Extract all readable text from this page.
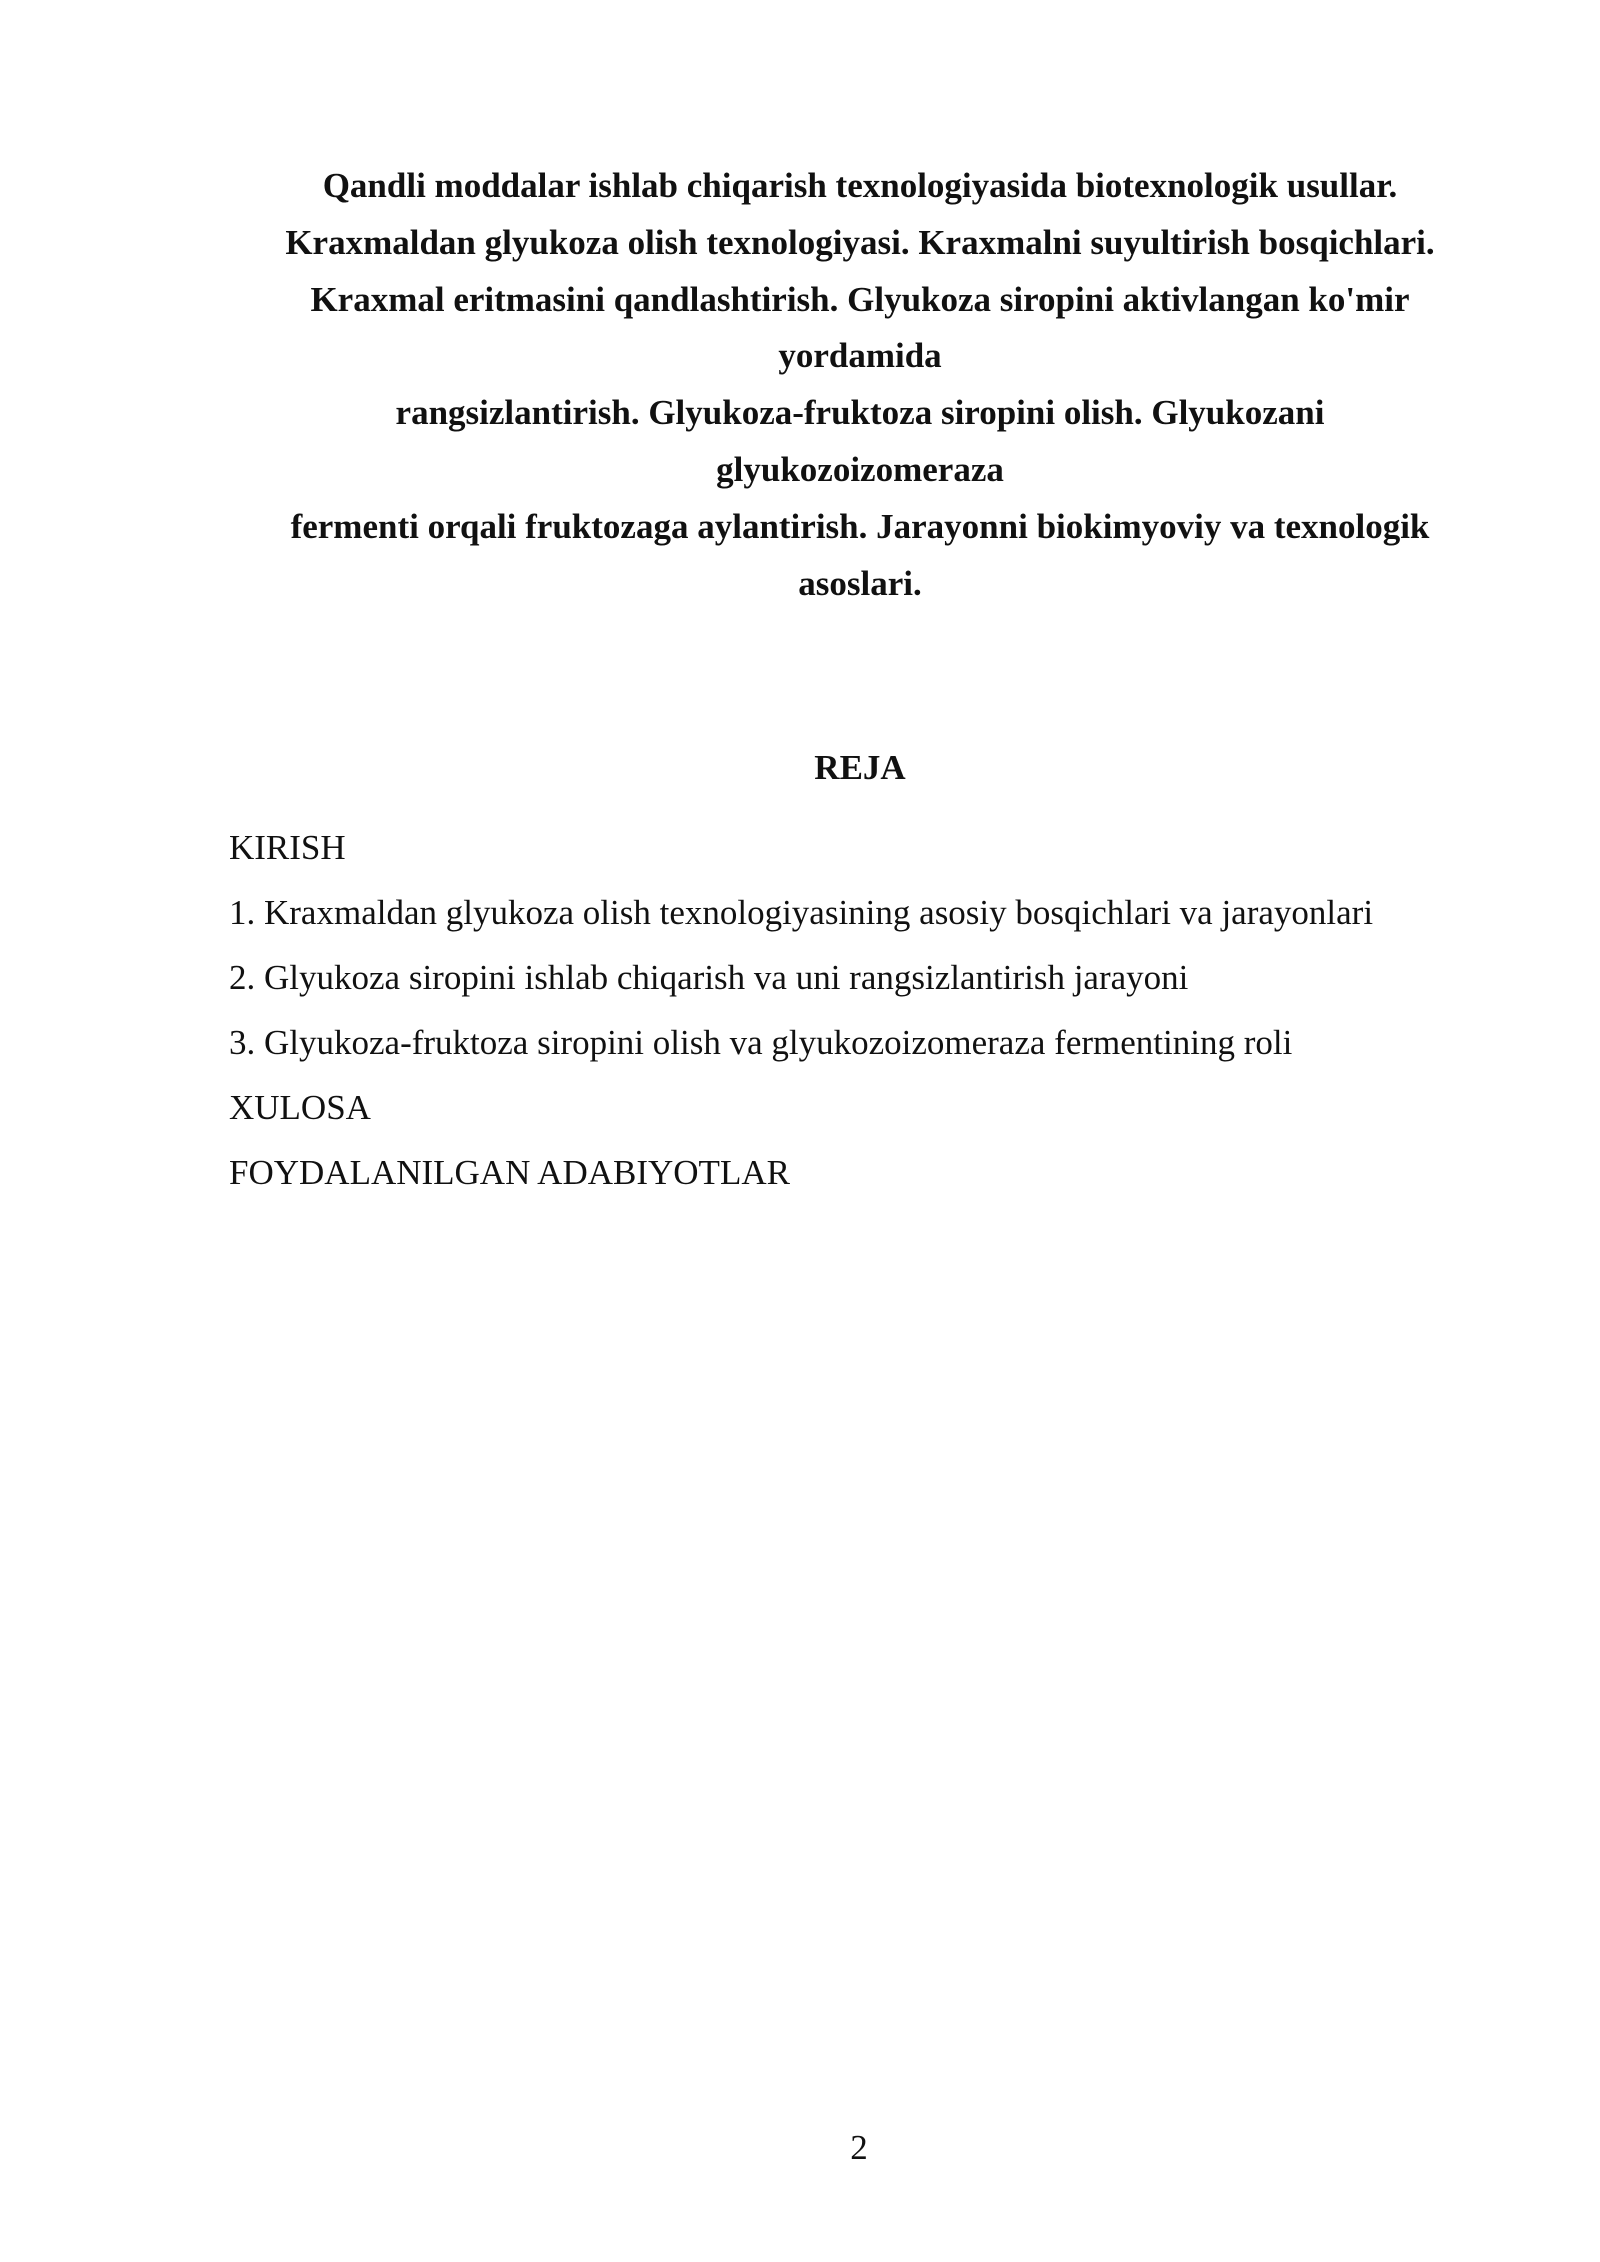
Qandli moddalar ishlab chiqarish texnologiyasida biotexnologik usullar.
Kraxmaldan glyukoza olish texnologiyasi. Kraxmalni suyultirish bosqichlari.
Kraxmal eritmasini qandlashtirish. Glyukoza siropini aktivlangan ko'mir
yordamida
rangsizlantirish. Glyukoza-fruktoza siropini olish. Glyukozani
glyukozoizomeraza
fermenti orqali fruktozaga aylantirish. Jarayonni biokimyoviy va texnologik
asoslari.
REJA
KIRISH
1. Kraxmaldan glyukoza olish texnologiyasining asosiy bosqichlari va jarayonlari
2. Glyukoza siropini ishlab chiqarish va uni rangsizlantirish jarayoni
3. Glyukoza-fruktoza siropini olish va glyukozoizomeraza fermentining roli
XULOSA
FOYDALANILGAN ADABIYOTLAR
2
